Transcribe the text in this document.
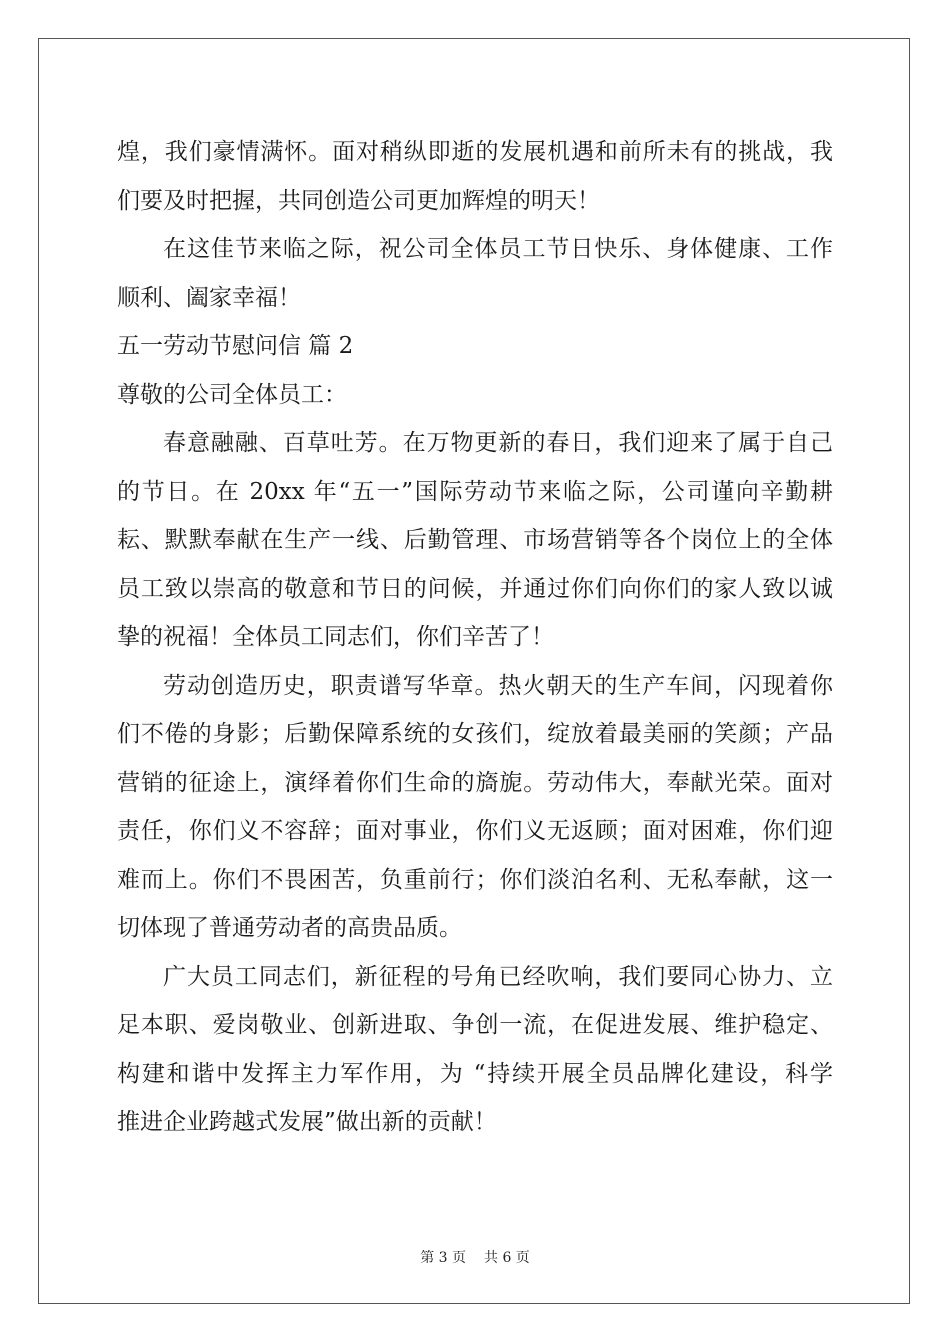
煌，我们豪情满怀。面对稍纵即逝的发展机遇和前所未有的挑战，我
们要及时把握，共同创造公司更加辉煌的明天！
在这佳节来临之际，祝公司全体员工节日快乐、身体健康、工作
顺利、阖家幸福！
五一劳动节慰问信 篇 2
尊敬的公司全体员工：
春意融融、百草吐芳。在万物更新的春日，我们迎来了属于自己
的节日。在 20xx 年“五一”国际劳动节来临之际，公司谨向辛勤耕
耘、默默奉献在生产一线、后勤管理、市场营销等各个岗位上的全体
员工致以崇高的敬意和节日的问候，并通过你们向你们的家人致以诚
挚的祝福！全体员工同志们，你们辛苦了！
劳动创造历史，职责谱写华章。热火朝天的生产车间，闪现着你
们不倦的身影；后勤保障系统的女孩们，绽放着最美丽的笑颜；产品
营销的征途上，演绎着你们生命的旖旎。劳动伟大，奉献光荣。面对
责任，你们义不容辞；面对事业，你们义无返顾；面对困难，你们迎
难而上。你们不畏困苦，负重前行；你们淡泊名利、无私奉献，这一
切体现了普通劳动者的高贵品质。
广大员工同志们，新征程的号角已经吹响，我们要同心协力、立
足本职、爱岗敬业、创新进取、争创一流，在促进发展、维护稳定、
构建和谐中发挥主力军作用，为 “持续开展全员品牌化建设，科学
推进企业跨越式发展”做出新的贡献！
第 3 页 共 6 页
